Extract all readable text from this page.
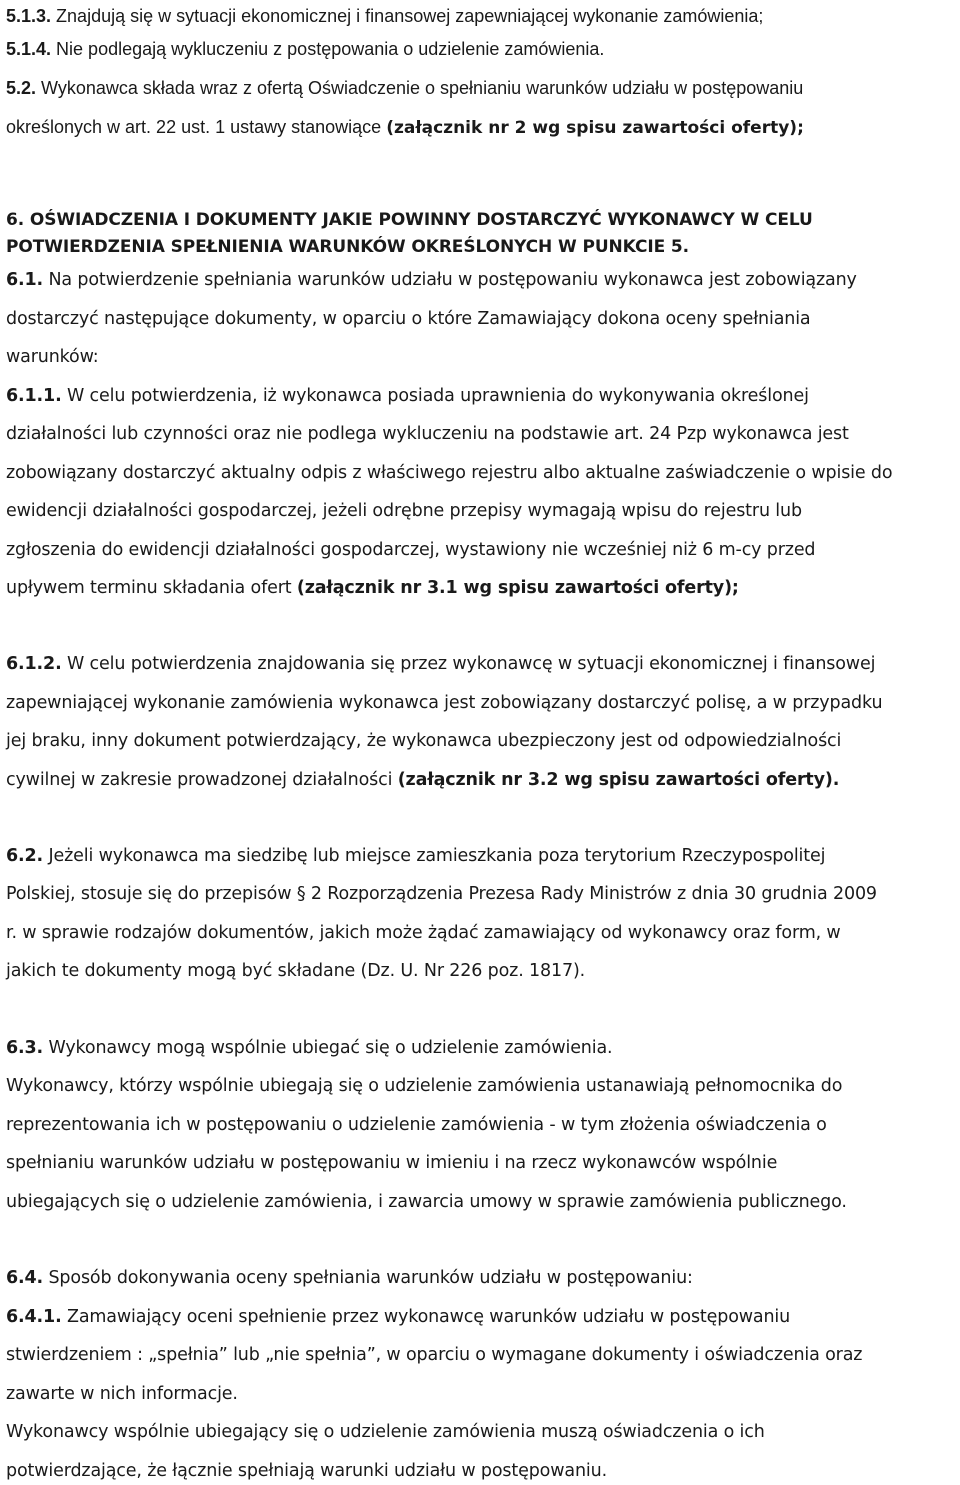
5.1.3. Znajdują się w sytuacji ekonomicznej i finansowej zapewniającej wykonanie zamówienia;

5.1.4. Nie podlegają wykluczeniu z postępowania o udzielenie zamówienia.

5.2. Wykonawca składa wraz z ofertą Oświadczenie o spełnianiu warunków udziału w postępowaniu

określonych w art. 22 ust. 1 ustawy stanowiące (załącznik nr 2 wg spisu zawartości oferty);

6. OŚWIADCZENIA I DOKUMENTY JAKIE POWINNY DOSTARCZYĆ WYKONAWCY W CELU

POTWIERDZENIA SPEŁNIENIA WARUNKÓW OKREŚLONYCH W PUNKCIE 5.

6.1. Na potwierdzenie spełniania warunków udziału w postępowaniu wykonawca jest zobowiązany

dostarczyć następujące dokumenty, w oparciu o które Zamawiający dokona oceny spełniania

warunków:

6.1.1. W celu potwierdzenia, iż wykonawca posiada uprawnienia do wykonywania określonej

działalności lub czynności oraz nie podlega wykluczeniu na podstawie art. 24 Pzp wykonawca jest

zobowiązany dostarczyć aktualny odpis z właściwego rejestru albo aktualne zaświadczenie o wpisie do

ewidencji działalności gospodarczej, jeżeli odrębne przepisy wymagają wpisu do rejestru lub

zgłoszenia do ewidencji działalności gospodarczej, wystawiony nie wcześniej niż 6 m-cy przed

upływem terminu składania ofert (załącznik nr 3.1 wg spisu zawartości oferty);

6.1.2. W celu potwierdzenia znajdowania się przez wykonawcę w sytuacji ekonomicznej i finansowej

zapewniającej wykonanie zamówienia wykonawca jest zobowiązany dostarczyć polisę, a w przypadku

jej braku, inny dokument potwierdzający, że wykonawca ubezpieczony jest od odpowiedzialności

cywilnej w zakresie prowadzonej działalności (załącznik nr 3.2 wg spisu zawartości oferty).

6.2. Jeżeli wykonawca ma siedzibę lub miejsce zamieszkania poza terytorium Rzeczypospolitej

Polskiej, stosuje się do przepisów § 2 Rozporządzenia Prezesa Rady Ministrów z dnia 30 grudnia 2009

r. w sprawie rodzajów dokumentów, jakich może żądać zamawiający od wykonawcy oraz form, w

jakich te dokumenty mogą być składane (Dz. U. Nr 226 poz. 1817).

6.3. Wykonawcy mogą wspólnie ubiegać się o udzielenie zamówienia.

Wykonawcy, którzy wspólnie ubiegają się o udzielenie zamówienia ustanawiają pełnomocnika do

reprezentowania ich w postępowaniu o udzielenie zamówienia - w tym złożenia oświadczenia o

spełnianiu warunków udziału w postępowaniu w imieniu i na rzecz wykonawców wspólnie

ubiegających się o udzielenie zamówienia, i zawarcia umowy w sprawie zamówienia publicznego.

6.4. Sposób dokonywania oceny spełniania warunków udziału w postępowaniu:

6.4.1. Zamawiający oceni spełnienie przez wykonawcę warunków udziału w postępowaniu

stwierdzeniem : „spełnia” lub „nie spełnia”, w oparciu o wymagane dokumenty i oświadczenia oraz

zawarte w nich informacje.

Wykonawcy wspólnie ubiegający się o udzielenie zamówienia muszą oświadczenia o ich

potwierdzające, że łącznie spełniają warunki udziału w postępowaniu.
